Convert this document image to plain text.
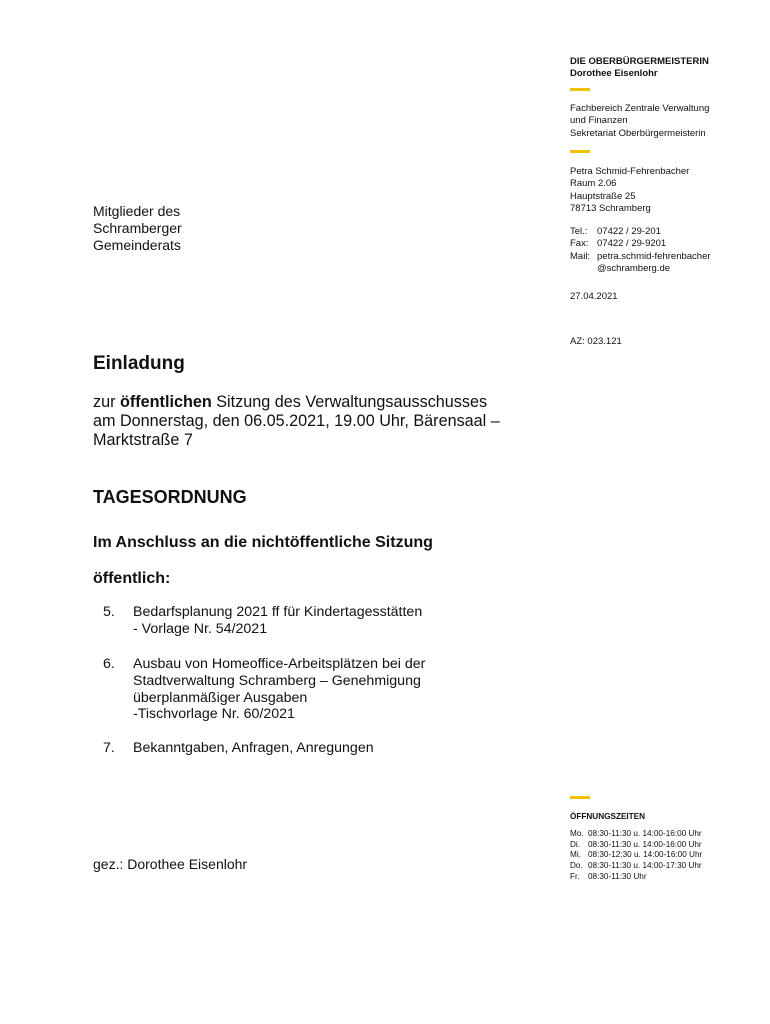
DIE OBERBÜRGERMEISTERIN
Dorothee Eisenlohr
Fachbereich Zentrale Verwaltung
und Finanzen
Sekretariat Oberbürgermeisterin
Petra Schmid-Fehrenbacher
Raum 2.06
Hauptstraße 25
78713 Schramberg
Tel.:	07422 / 29-201
Fax: 07422 / 29-9201
Mail: petra.schmid-fehrenbacher
@schramberg.de
27.04.2021
AZ: 023.121
Mitglieder des
Schramberger
Gemeinderats
Einladung
zur öffentlichen Sitzung des Verwaltungsausschusses
am Donnerstag, den 06.05.2021, 19.00 Uhr, Bärensaal –
Marktstraße 7
TAGESORDNUNG
Im Anschluss an die nichtöffentliche Sitzung
öffentlich:
5.	Bedarfsplanung 2021 ff für Kindertagesstätten
- Vorlage Nr. 54/2021
6.	Ausbau von Homeoffice-Arbeitsplätzen bei der
Stadtverwaltung Schramberg – Genehmigung
überplanmäßiger Ausgaben
-Tischvorlage Nr. 60/2021
7.	Bekanntgaben, Anfragen, Anregungen
ÖFFNUNGSZEITEN
Mo. 08:30-11:30 u. 14:00-16:00 Uhr
Di. 08:30-11:30 u. 14:00-16:00 Uhr
Mi. 08:30-12:30 u. 14:00-16:00 Uhr
Do. 08:30-11:30 u. 14:00-17:30 Uhr
Fr.	08:30-11:30 Uhr
gez.: Dorothee Eisenlohr
